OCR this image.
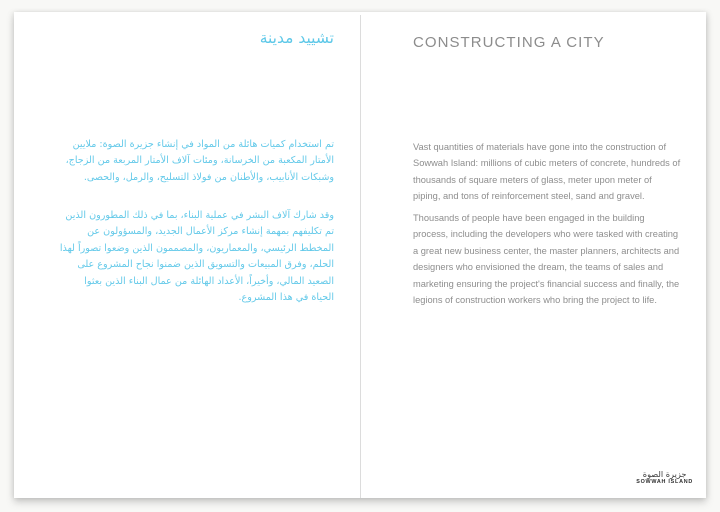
تشييد مدينة
تم استخدام كميات هائلة من المواد في إنشاء جزيرة الصوة: ملايين الأمتار المكعبة من الخرسانة، ومئات آلاف الأمتار المربعة من الزجاج، وشبكات الأنابيب، والأطنان من فولاذ التسليح، والرمل، والحصى.
وقد شارك آلاف البشر في عملية البناء، بما في ذلك المطورون الذين تم تكليفهم بمهمة إنشاء مركز الأعمال الجديد، والمسؤولون عن المخطط الرئيسي، والمعماريون، والمصممون الذين وضعوا تصوراً لهذا الحلم، وفرق المبيعات والتسويق الذين ضمنوا نجاح المشروع على الصعيد المالي، وأخيراً، الأعداد الهائلة من عمال البناء الذين بعثوا الحياة في هذا المشروع.
CONSTRUCTING A CITY
Vast quantities of materials have gone into the construction of Sowwah Island: millions of cubic meters of concrete, hundreds of thousands of square meters of glass, meter upon meter of piping, and tons of reinforcement steel, sand and gravel.
Thousands of people have been engaged in the building process, including the developers who were tasked with creating a great new business center, the master planners, architects and designers who envisioned the dream, the teams of sales and marketing ensuring the project's financial success and finally, the legions of construction workers who bring the project to life.
جزيرة الصوة
SOWWAH ISLAND
